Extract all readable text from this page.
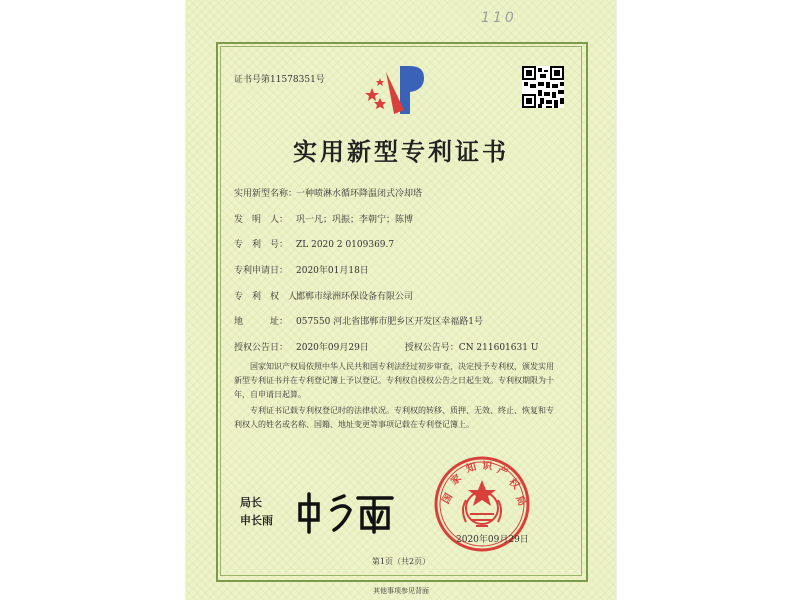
110
证书号第11578351号
实用新型专利证书
实用新型名称：一种喷淋水循环降温闭式冷却塔
发　明　人： 巩一凡；巩振；李朝宁；陈博
专　利　号： ZL 2020 2 0109369.7
专利申请日： 2020年01月18日
专　利　权　人：邯郸市绿洲环保设备有限公司
地　　　址： 057550 河北省邯郸市肥乡区开发区幸福路1号
授权公告日： 2020年09月29日　　　　授权公告号：CN 211601631 U
国家知识产权局依照中华人民共和国专利法经过初步审查，决定授予专利权，颁发实用新型专利证书并在专利登记簿上予以登记。专利权自授权公告之日起生效。专利权期限为十年，自申请日起算。
专利证书记载专利权登记时的法律状况。专利权的转移、质押、无效、终止、恢复和专利权人的姓名或名称、国籍、地址变更等事项记载在专利登记簿上。
局长
申长雨
国
家
知 识 产
权
局
2020年09月29日
第1页（共2页）
其他事项参见背面
